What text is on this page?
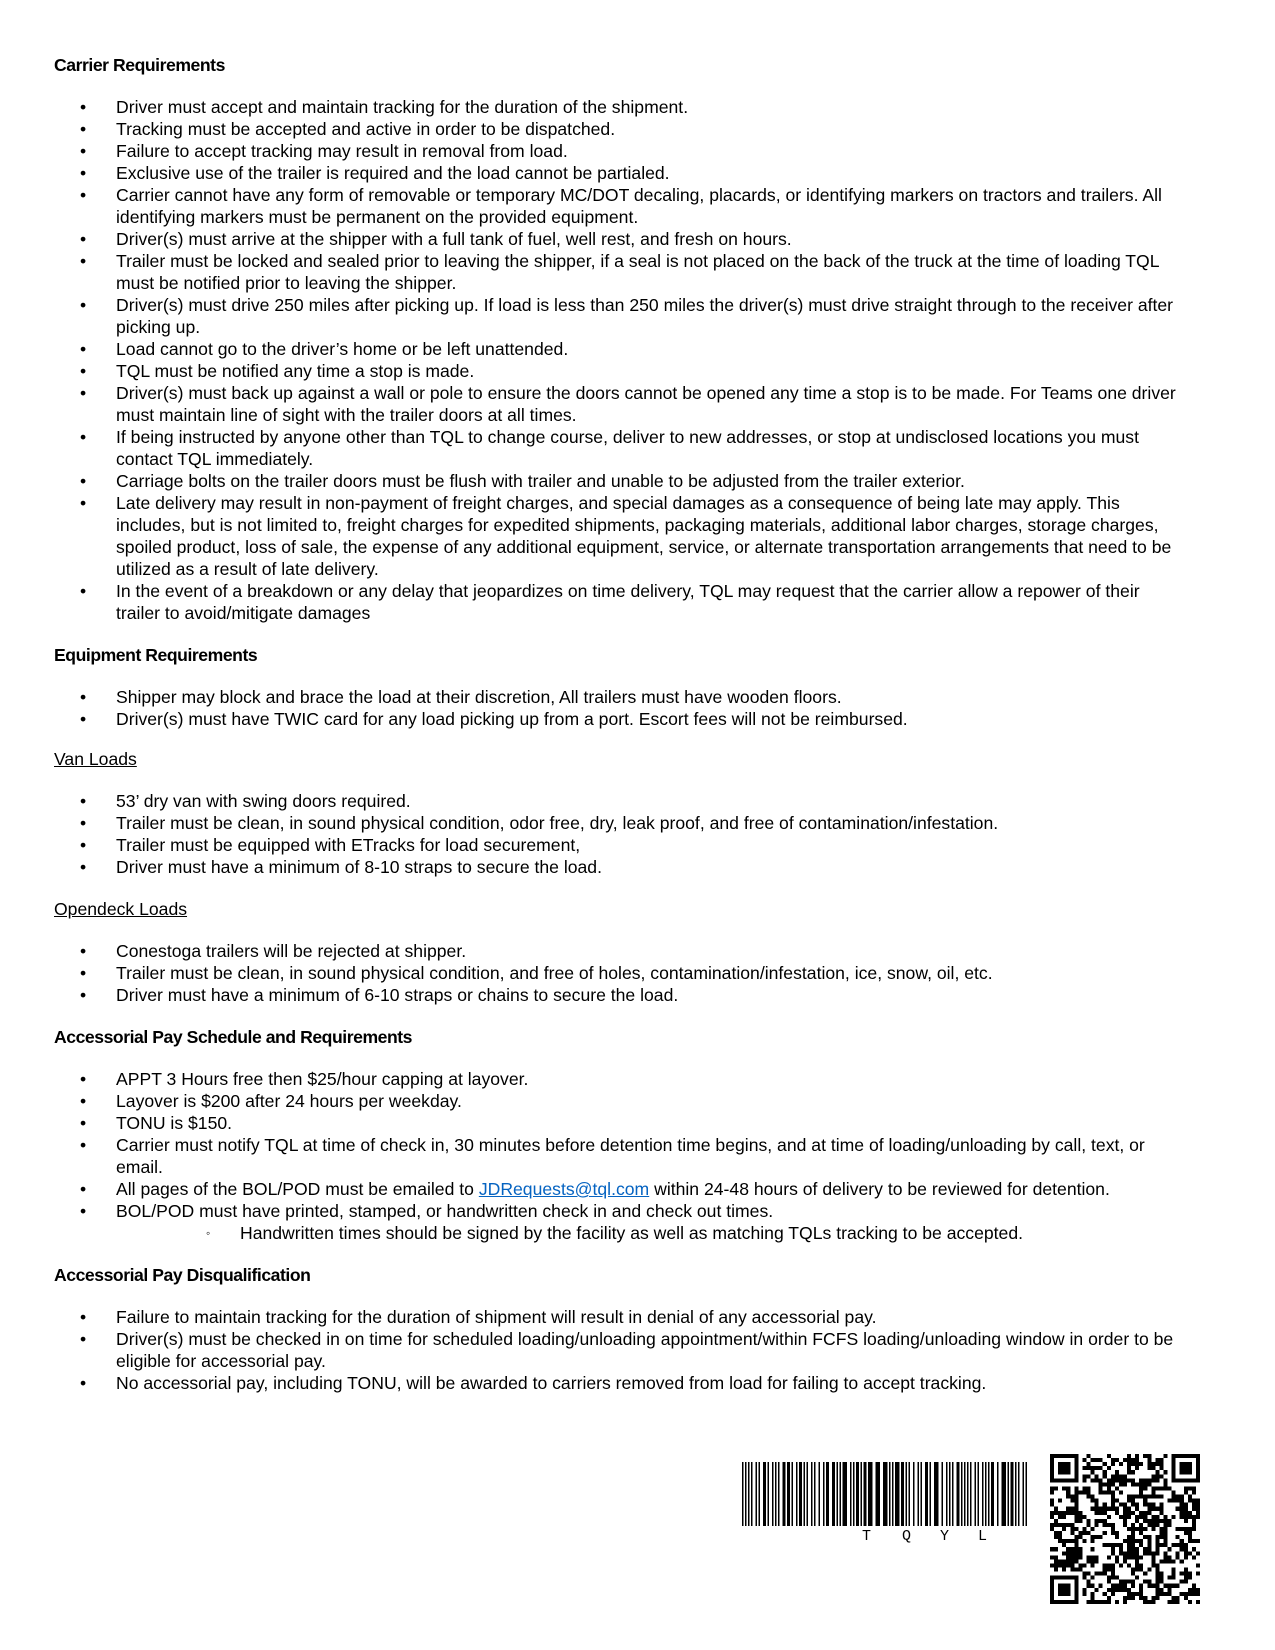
Carrier Requirements

• Driver must accept and maintain tracking for the duration of the shipment.
• Tracking must be accepted and active in order to be dispatched.
• Failure to accept tracking may result in removal from load.
• Exclusive use of the trailer is required and the load cannot be partialed.
• Carrier cannot have any form of removable or temporary MC/DOT decaling, placards, or identifying markers on tractors and trailers. All identifying markers must be permanent on the provided equipment.
• Driver(s) must arrive at the shipper with a full tank of fuel, well rest, and fresh on hours.
• Trailer must be locked and sealed prior to leaving the shipper, if a seal is not placed on the back of the truck at the time of loading TQL must be notified prior to leaving the shipper.
• Driver(s) must drive 250 miles after picking up. If load is less than 250 miles the driver(s) must drive straight through to the receiver after picking up.
• Load cannot go to the driver’s home or be left unattended.
• TQL must be notified any time a stop is made.
• Driver(s) must back up against a wall or pole to ensure the doors cannot be opened any time a stop is to be made. For Teams one driver must maintain line of sight with the trailer doors at all times.
• If being instructed by anyone other than TQL to change course, deliver to new addresses, or stop at undisclosed locations you must contact TQL immediately.
• Carriage bolts on the trailer doors must be flush with trailer and unable to be adjusted from the trailer exterior.
• Late delivery may result in non-payment of freight charges, and special damages as a consequence of being late may apply. This includes, but is not limited to, freight charges for expedited shipments, packaging materials, additional labor charges, storage charges, spoiled product, loss of sale, the expense of any additional equipment, service, or alternate transportation arrangements that need to be utilized as a result of late delivery.
• In the event of a breakdown or any delay that jeopardizes on time delivery, TQL may request that the carrier allow a repower of their trailer to avoid/mitigate damages

Equipment Requirements

• Shipper may block and brace the load at their discretion, All trailers must have wooden floors.
• Driver(s) must have TWIC card for any load picking up from a port. Escort fees will not be reimbursed.

Van Loads

• 53’ dry van with swing doors required.
• Trailer must be clean, in sound physical condition, odor free, dry, leak proof, and free of contamination/infestation.
• Trailer must be equipped with ETracks for load securement,
• Driver must have a minimum of 8-10 straps to secure the load.

Opendeck Loads

• Conestoga trailers will be rejected at shipper.
• Trailer must be clean, in sound physical condition, and free of holes, contamination/infestation, ice, snow, oil, etc.
• Driver must have a minimum of 6-10 straps or chains to secure the load.

Accessorial Pay Schedule and Requirements

• APPT 3 Hours free then $25/hour capping at layover.
• Layover is $200 after 24 hours per weekday.
• TONU is $150.
• Carrier must notify TQL at time of check in, 30 minutes before detention time begins, and at time of loading/unloading by call, text, or email.
• All pages of the BOL/POD must be emailed to JDRequests@tql.com within 24-48 hours of delivery to be reviewed for detention.
• BOL/POD must have printed, stamped, or handwritten check in and check out times.
◦ Handwritten times should be signed by the facility as well as matching TQLs tracking to be accepted.

Accessorial Pay Disqualification

• Failure to maintain tracking for the duration of shipment will result in denial of any accessorial pay.
• Driver(s) must be checked in on time for scheduled loading/unloading appointment/within FCFS loading/unloading window in order to be eligible for accessorial pay.
• No accessorial pay, including TONU, will be awarded to carriers removed from load for failing to accept tracking.
T Q Y L
